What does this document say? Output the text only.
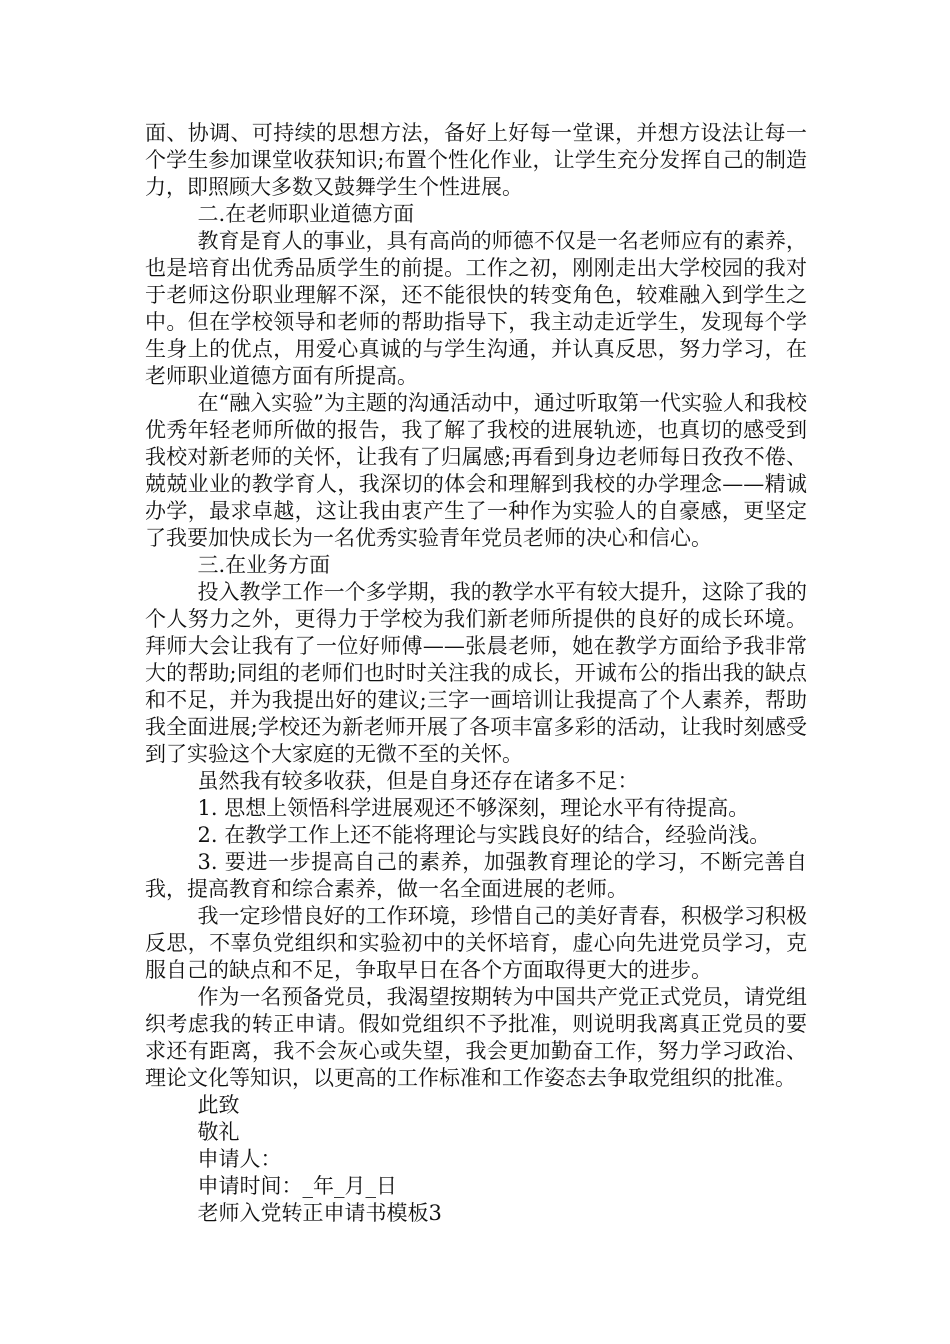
面、协调、可持续的思想方法，备好上好每一堂课，并想方设法让每一个学生参加课堂收获知识;布置个性化作业，让学生充分发挥自己的制造力，即照顾大多数又鼓舞学生个性进展。

二.在老师职业道德方面

教育是育人的事业，具有高尚的师德不仅是一名老师应有的素养，也是培育出优秀品质学生的前提。工作之初，刚刚走出大学校园的我对于老师这份职业理解不深，还不能很快的转变角色，较难融入到学生之中。但在学校领导和老师的帮助指导下，我主动走近学生，发现每个学生身上的优点，用爱心真诚的与学生沟通，并认真反思，努力学习，在老师职业道德方面有所提高。

在“融入实验”为主题的沟通活动中，通过听取第一代实验人和我校优秀年轻老师所做的报告，我了解了我校的进展轨迹，也真切的感受到我校对新老师的关怀，让我有了归属感;再看到身边老师每日孜孜不倦、兢兢业业的教学育人，我深切的体会和理解到我校的办学理念——精诚办学，最求卓越，这让我由衷产生了一种作为实验人的自豪感，更坚定了我要加快成长为一名优秀实验青年党员老师的决心和信心。

三.在业务方面

投入教学工作一个多学期，我的教学水平有较大提升，这除了我的个人努力之外，更得力于学校为我们新老师所提供的良好的成长环境。拜师大会让我有了一位好师傅——张晨老师，她在教学方面给予我非常大的帮助;同组的老师们也时时关注我的成长，开诚布公的指出我的缺点和不足，并为我提出好的建议;三字一画培训让我提高了个人素养，帮助我全面进展;学校还为新老师开展了各项丰富多彩的活动，让我时刻感受到了实验这个大家庭的无微不至的关怀。

虽然我有较多收获，但是自身还存在诸多不足：

1. 思想上领悟科学进展观还不够深刻，理论水平有待提高。

2. 在教学工作上还不能将理论与实践良好的结合，经验尚浅。

3. 要进一步提高自己的素养，加强教育理论的学习，不断完善自我，提高教育和综合素养，做一名全面进展的老师。

我一定珍惜良好的工作环境，珍惜自己的美好青春，积极学习积极反思，不辜负党组织和实验初中的关怀培育，虚心向先进党员学习，克服自己的缺点和不足，争取早日在各个方面取得更大的进步。

作为一名预备党员，我渴望按期转为中国共产党正式党员，请党组织考虑我的转正申请。假如党组织不予批准，则说明我离真正党员的要求还有距离，我不会灰心或失望，我会更加勤奋工作，努力学习政治、理论文化等知识，以更高的工作标准和工作姿态去争取党组织的批准。

此致

敬礼

申请人：

申请时间：_年_月_日

老师入党转正申请书模板3
